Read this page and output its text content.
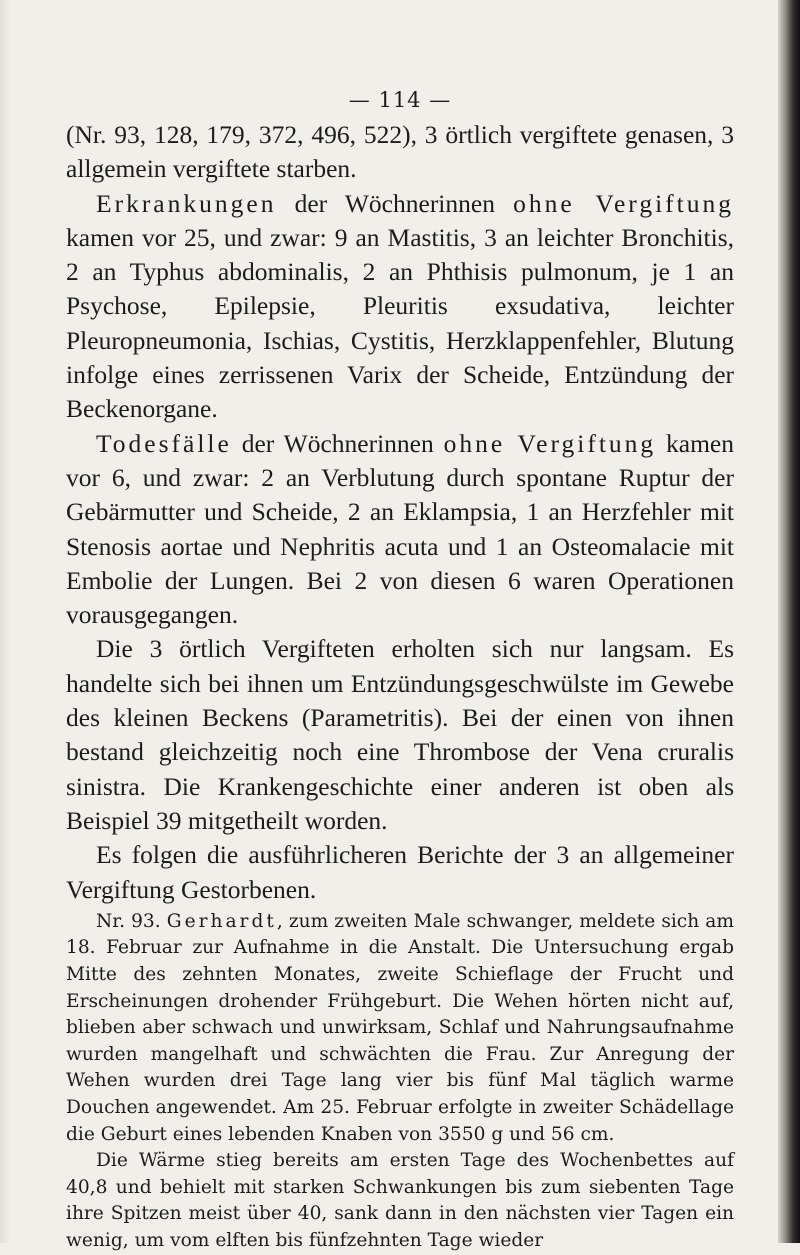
— 114 —

(Nr. 93, 128, 179, 372, 496, 522), 3 örtlich vergiftete genasen, 3 allgemein vergiftete starben.

Erkrankungen der Wöchnerinnen ohne Vergiftung kamen vor 25, und zwar: 9 an Mastitis, 3 an leichter Bronchitis, 2 an Typhus abdominalis, 2 an Phthisis pulmonum, je 1 an Psychose, Epilepsie, Pleuritis exsudativa, leichter Pleuropneumonia, Ischias, Cystitis, Herzklappenfehler, Blutung infolge eines zerrissenen Varix der Scheide, Entzündung der Beckenorgane.

Todesfälle der Wöchnerinnen ohne Vergiftung kamen vor 6, und zwar: 2 an Verblutung durch spontane Ruptur der Gebärmutter und Scheide, 2 an Eklampsia, 1 an Herzfehler mit Stenosis aortae und Nephritis acuta und 1 an Osteomalacie mit Embolie der Lungen. Bei 2 von diesen 6 waren Operationen vorausgegangen.

Die 3 örtlich Vergifteten erholten sich nur langsam. Es handelte sich bei ihnen um Entzündungsgeschwülste im Gewebe des kleinen Beckens (Parametritis). Bei der einen von ihnen bestand gleichzeitig noch eine Thrombose der Vena cruralis sinistra. Die Krankengeschichte einer anderen ist oben als Beispiel 39 mitgetheilt worden.

Es folgen die ausführlicheren Berichte der 3 an allgemeiner Vergiftung Gestorbenen.

Nr. 93. Gerhardt, zum zweiten Male schwanger, meldete sich am 18. Februar zur Aufnahme in die Anstalt. Die Untersuchung ergab Mitte des zehnten Monates, zweite Schieflage der Frucht und Erscheinungen drohender Frühgeburt. Die Wehen hörten nicht auf, blieben aber schwach und unwirksam, Schlaf und Nahrungsaufnahme wurden mangelhaft und schwächten die Frau. Zur Anregung der Wehen wurden drei Tage lang vier bis fünf Mal täglich warme Douchen angewendet. Am 25. Februar erfolgte in zweiter Schädellage die Geburt eines lebenden Knaben von 3550 g und 56 cm.

Die Wärme stieg bereits am ersten Tage des Wochenbettes auf 40,8 und behielt mit starken Schwankungen bis zum siebenten Tage ihre Spitzen meist über 40, sank dann in den nächsten vier Tagen ein wenig, um vom elften bis fünfzehnten Tage wieder
